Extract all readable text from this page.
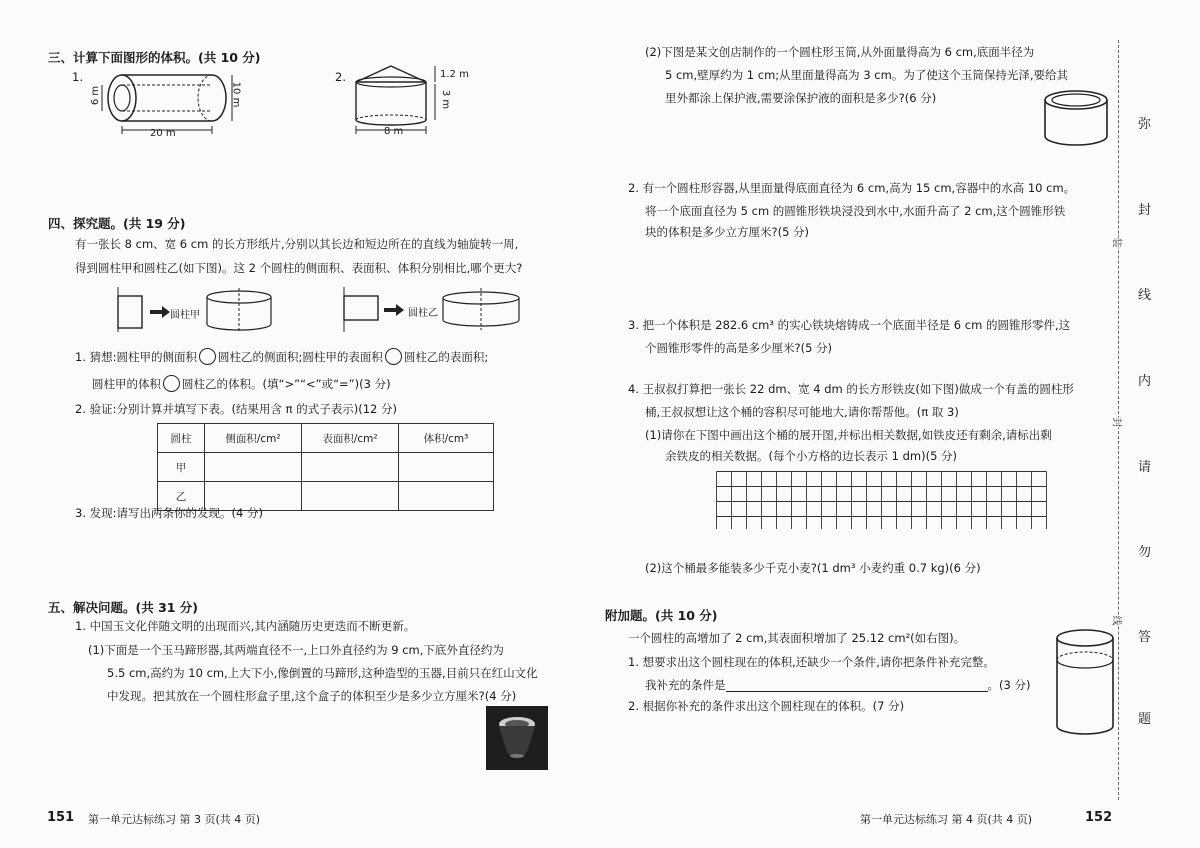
三、计算下面图形的体积。(共 10 分)
1.
6 m	10 m
20 m
2.	1.2 m
3 m
8 m
四、探究题。(共 19 分)
有一张长 8 cm、宽 6 cm 的长方形纸片,分别以其长边和短边所在的直线为轴旋转一周,
得到圆柱甲和圆柱乙(如下图)。这 2 个圆柱的侧面积、表面积、体积分别相比,哪个更大?
圆柱甲	圆柱乙
1. 猜想:圆柱甲的侧面积 圆柱乙的侧面积;圆柱甲的表面积 圆柱乙的表面积;
圆柱甲的体积 圆柱乙的体积。(填“>”“<”或“=”)(3 分)
2. 验证:分别计算并填写下表。(结果用含 π 的式子表示)(12 分)
圆柱	侧面积/cm²	表面积/cm²	体积/cm³
甲			
乙			
3. 发现:请写出两条你的发现。(4 分)
五、解决问题。(共 31 分)
1. 中国玉文化伴随文明的出现而兴,其内涵随历史更迭而不断更新。
(1)下面是一个玉马蹄形器,其两端直径不一,上口外直径约为 9 cm,下底外直径约为
5.5 cm,高约为 10 cm,上大下小,像倒置的马蹄形,这种造型的玉器,目前只在红山文化
中发现。把其放在一个圆柱形盒子里,这个盒子的体积至少是多少立方厘米?(4 分)
151 第一单元达标练习 第 3 页(共 4 页)
(2)下图是某文创店制作的一个圆柱形玉筒,从外面量得高为 6 cm,底面半径为
5 cm,壁厚约为 1 cm;从里面量得高为 3 cm。为了使这个玉筒保持光泽,要给其
里外都涂上保护液,需要涂保护液的面积是多少?(6 分)
2. 有一个圆柱形容器,从里面量得底面直径为 6 cm,高为 15 cm,容器中的水高 10 cm。
将一个底面直径为 5 cm 的圆锥形铁块浸没到水中,水面升高了 2 cm,这个圆锥形铁
块的体积是多少立方厘米?(5 分)
3. 把一个体积是 282.6 cm³ 的实心铁块熔铸成一个底面半径是 6 cm 的圆锥形零件,这
个圆锥形零件的高是多少厘米?(5 分)
4. 王叔叔打算把一张长 22 dm、宽 4 dm 的长方形铁皮(如下图)做成一个有盖的圆柱形
桶,王叔叔想让这个桶的容积尽可能地大,请你帮帮他。(π 取 3)
(1)请你在下图中画出这个桶的展开图,并标出相关数据,如铁皮还有剩余,请标出剩
余铁皮的相关数据。(每个小方格的边长表示 1 dm)(5 分)
(2)这个桶最多能装多少千克小麦?(1 dm³ 小麦约重 0.7 kg)(6 分)
附加题。(共 10 分)
一个圆柱的高增加了 2 cm,其表面积增加了 25.12 cm²(如右图)。
1. 想要求出这个圆柱现在的体积,还缺少一个条件,请你把条件补充完整。
我补充的条件是	。(3 分)
2. 根据你补充的条件求出这个圆柱现在的体积。(7 分)
第一单元达标练习 第 4 页(共 4 页)	152
弥
封
线
内
请
勿
答
题
装
封
线
